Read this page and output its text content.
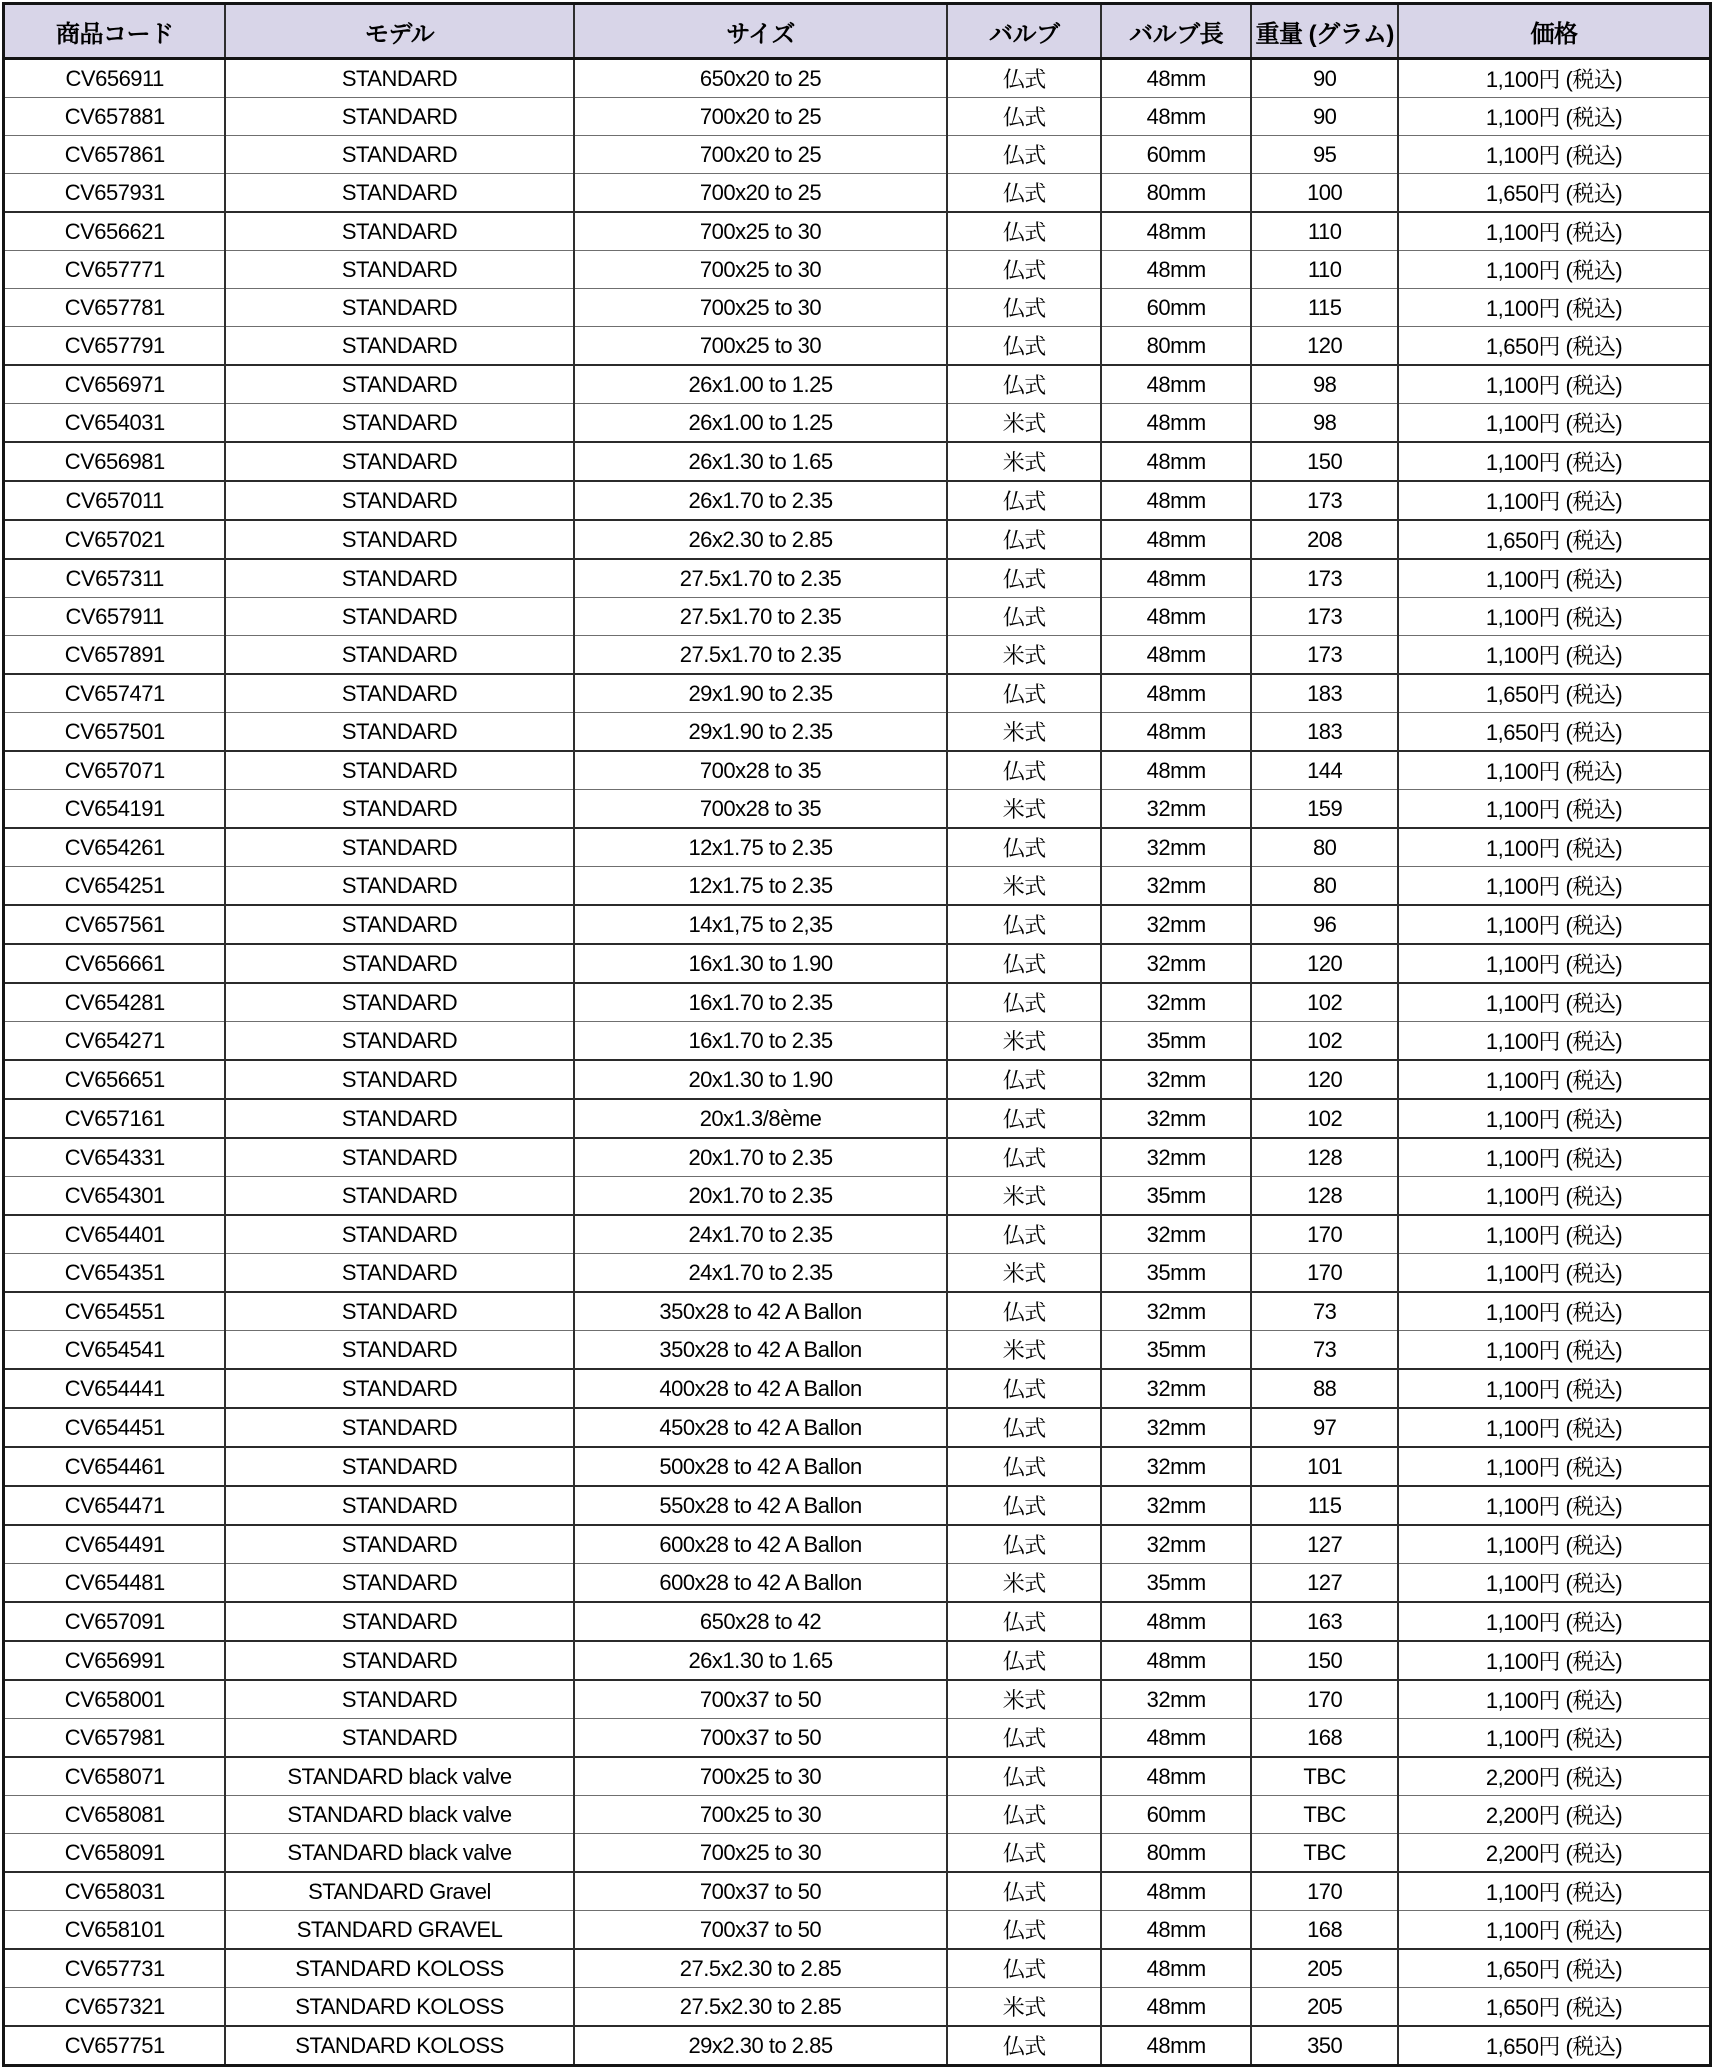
商品コード	モデル	サイズ	バルブ	バルブ長	重量 (グラム)	価格
CV656911	STANDARD	650x20 to 25	仏式	48mm	90	1,100円 (税込)
CV657881	STANDARD	700x20 to 25	仏式	48mm	90	1,100円 (税込)
CV657861	STANDARD	700x20 to 25	仏式	60mm	95	1,100円 (税込)
CV657931	STANDARD	700x20 to 25	仏式	80mm	100	1,650円 (税込)
CV656621	STANDARD	700x25 to 30	仏式	48mm	110	1,100円 (税込)
CV657771	STANDARD	700x25 to 30	仏式	48mm	110	1,100円 (税込)
CV657781	STANDARD	700x25 to 30	仏式	60mm	115	1,100円 (税込)
CV657791	STANDARD	700x25 to 30	仏式	80mm	120	1,650円 (税込)
CV656971	STANDARD	26x1.00 to 1.25	仏式	48mm	98	1,100円 (税込)
CV654031	STANDARD	26x1.00 to 1.25	米式	48mm	98	1,100円 (税込)
CV656981	STANDARD	26x1.30 to 1.65	米式	48mm	150	1,100円 (税込)
CV657011	STANDARD	26x1.70 to 2.35	仏式	48mm	173	1,100円 (税込)
CV657021	STANDARD	26x2.30 to 2.85	仏式	48mm	208	1,650円 (税込)
CV657311	STANDARD	27.5x1.70 to 2.35	仏式	48mm	173	1,100円 (税込)
CV657911	STANDARD	27.5x1.70 to 2.35	仏式	48mm	173	1,100円 (税込)
CV657891	STANDARD	27.5x1.70 to 2.35	米式	48mm	173	1,100円 (税込)
CV657471	STANDARD	29x1.90 to 2.35	仏式	48mm	183	1,650円 (税込)
CV657501	STANDARD	29x1.90 to 2.35	米式	48mm	183	1,650円 (税込)
CV657071	STANDARD	700x28 to 35	仏式	48mm	144	1,100円 (税込)
CV654191	STANDARD	700x28 to 35	米式	32mm	159	1,100円 (税込)
CV654261	STANDARD	12x1.75 to 2.35	仏式	32mm	80	1,100円 (税込)
CV654251	STANDARD	12x1.75 to 2.35	米式	32mm	80	1,100円 (税込)
CV657561	STANDARD	14x1,75 to 2,35	仏式	32mm	96	1,100円 (税込)
CV656661	STANDARD	16x1.30 to 1.90	仏式	32mm	120	1,100円 (税込)
CV654281	STANDARD	16x1.70 to 2.35	仏式	32mm	102	1,100円 (税込)
CV654271	STANDARD	16x1.70 to 2.35	米式	35mm	102	1,100円 (税込)
CV656651	STANDARD	20x1.30 to 1.90	仏式	32mm	120	1,100円 (税込)
CV657161	STANDARD	20x1.3/8ème	仏式	32mm	102	1,100円 (税込)
CV654331	STANDARD	20x1.70 to 2.35	仏式	32mm	128	1,100円 (税込)
CV654301	STANDARD	20x1.70 to 2.35	米式	35mm	128	1,100円 (税込)
CV654401	STANDARD	24x1.70 to 2.35	仏式	32mm	170	1,100円 (税込)
CV654351	STANDARD	24x1.70 to 2.35	米式	35mm	170	1,100円 (税込)
CV654551	STANDARD	350x28 to 42 A Ballon	仏式	32mm	73	1,100円 (税込)
CV654541	STANDARD	350x28 to 42 A Ballon	米式	35mm	73	1,100円 (税込)
CV654441	STANDARD	400x28 to 42 A Ballon	仏式	32mm	88	1,100円 (税込)
CV654451	STANDARD	450x28 to 42 A Ballon	仏式	32mm	97	1,100円 (税込)
CV654461	STANDARD	500x28 to 42 A Ballon	仏式	32mm	101	1,100円 (税込)
CV654471	STANDARD	550x28 to 42 A Ballon	仏式	32mm	115	1,100円 (税込)
CV654491	STANDARD	600x28 to 42 A Ballon	仏式	32mm	127	1,100円 (税込)
CV654481	STANDARD	600x28 to 42 A Ballon	米式	35mm	127	1,100円 (税込)
CV657091	STANDARD	650x28 to 42	仏式	48mm	163	1,100円 (税込)
CV656991	STANDARD	26x1.30 to 1.65	仏式	48mm	150	1,100円 (税込)
CV658001	STANDARD	700x37 to 50	米式	32mm	170	1,100円 (税込)
CV657981	STANDARD	700x37 to 50	仏式	48mm	168	1,100円 (税込)
CV658071	STANDARD black valve	700x25 to 30	仏式	48mm	TBC	2,200円 (税込)
CV658081	STANDARD black valve	700x25 to 30	仏式	60mm	TBC	2,200円 (税込)
CV658091	STANDARD black valve	700x25 to 30	仏式	80mm	TBC	2,200円 (税込)
CV658031	STANDARD Gravel	700x37 to 50	仏式	48mm	170	1,100円 (税込)
CV658101	STANDARD GRAVEL	700x37 to 50	仏式	48mm	168	1,100円 (税込)
CV657731	STANDARD KOLOSS	27.5x2.30 to 2.85	仏式	48mm	205	1,650円 (税込)
CV657321	STANDARD KOLOSS	27.5x2.30 to 2.85	米式	48mm	205	1,650円 (税込)
CV657751	STANDARD KOLOSS	29x2.30 to 2.85	仏式	48mm	350	1,650円 (税込)
